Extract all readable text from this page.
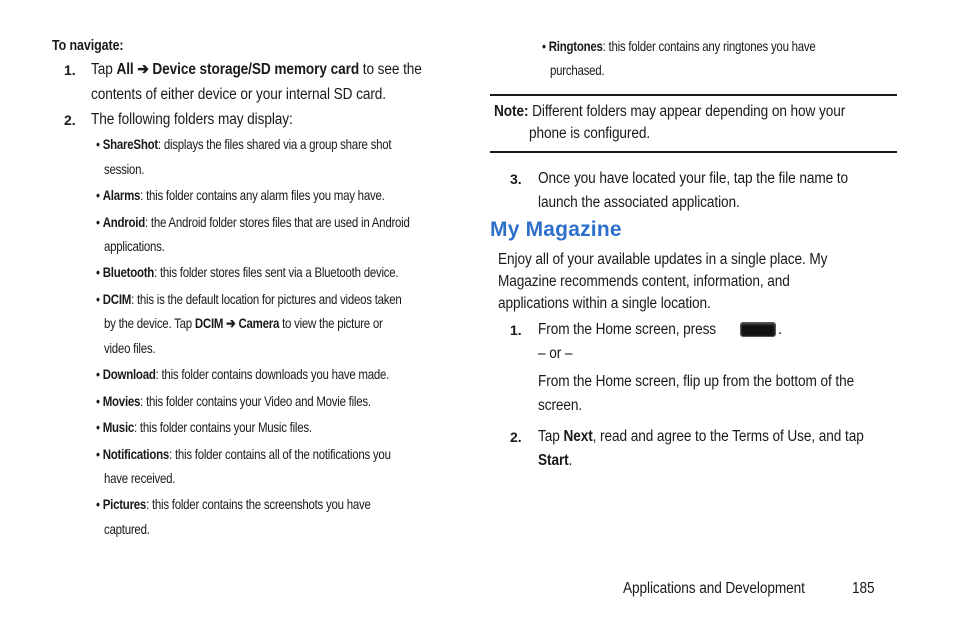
To navigate:
1. Tap All ➔ Device storage/SD memory card to see the
contents of either device or your internal SD card.
2. The following folders may display:
• ShareShot: displays the files shared via a group share shot
session.
• Alarms: this folder contains any alarm files you may have.
• Android: the Android folder stores files that are used in Android
applications.
• Bluetooth: this folder stores files sent via a Bluetooth device.
• DCIM: this is the default location for pictures and videos taken
by the device. Tap DCIM ➔ Camera to view the picture or
video files.
• Download: this folder contains downloads you have made.
• Movies: this folder contains your Video and Movie files.
• Music: this folder contains your Music files.
• Notifications: this folder contains all of the notifications you
have received.
• Pictures: this folder contains the screenshots you have
captured.
• Ringtones: this folder contains any ringtones you have
purchased.
Note: Different folders may appear depending on how your
phone is configured.
3. Once you have located your file, tap the file name to
launch the associated application.
My Magazine
Enjoy all of your available updates in a single place. My
Magazine recommends content, information, and
applications within a single location.
1. From the Home screen, press	.
– or –
From the Home screen, flip up from the bottom of the
screen.
2. Tap Next, read and agree to the Terms of Use, and tap
Start.
Applications and Development	185
